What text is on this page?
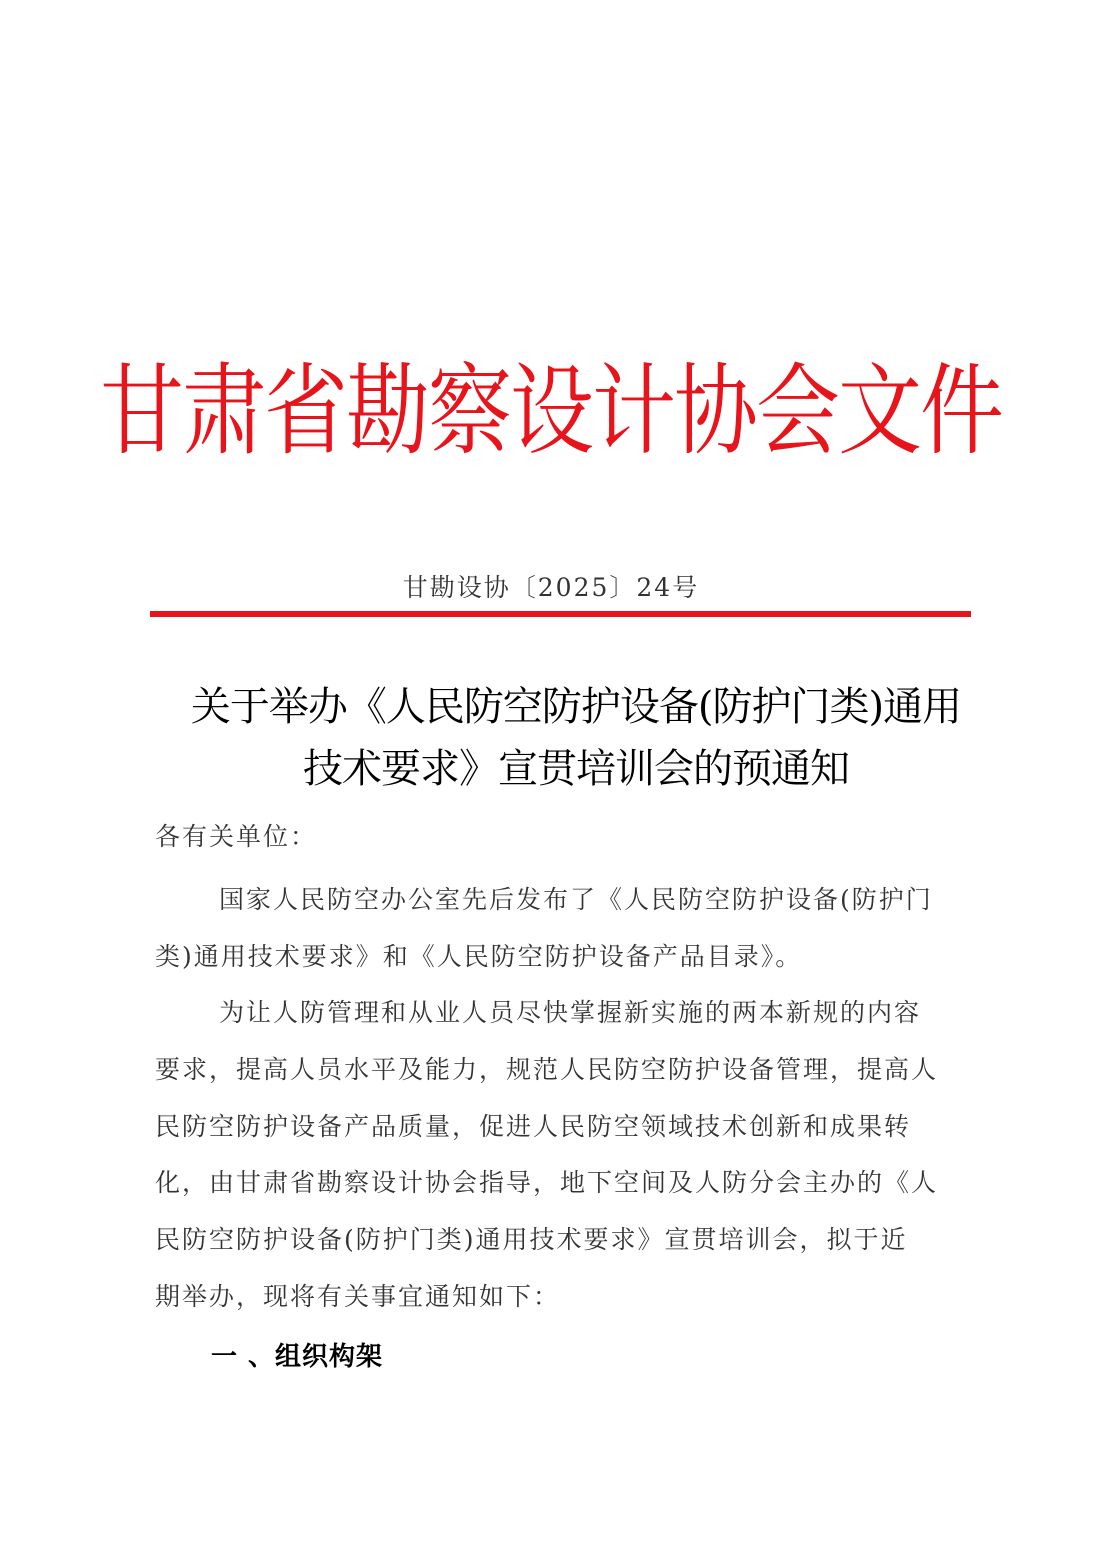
甘肃省勘察设计协会文件
甘勘设协〔2025〕24号
关于举办《人民防空防护设备(防护门类)通用
技术要求》宣贯培训会的预通知
各有关单位：
国家人民防空办公室先后发布了《人民防空防护设备(防护门
类)通用技术要求》和《人民防空防护设备产品目录》。
为让人防管理和从业人员尽快掌握新实施的两本新规的内容
要求，提高人员水平及能力，规范人民防空防护设备管理，提高人
民防空防护设备产品质量，促进人民防空领域技术创新和成果转
化，由甘肃省勘察设计协会指导，地下空间及人防分会主办的《人
民防空防护设备(防护门类)通用技术要求》宣贯培训会，拟于近
期举办，现将有关事宜通知如下：
一 、组织构架
